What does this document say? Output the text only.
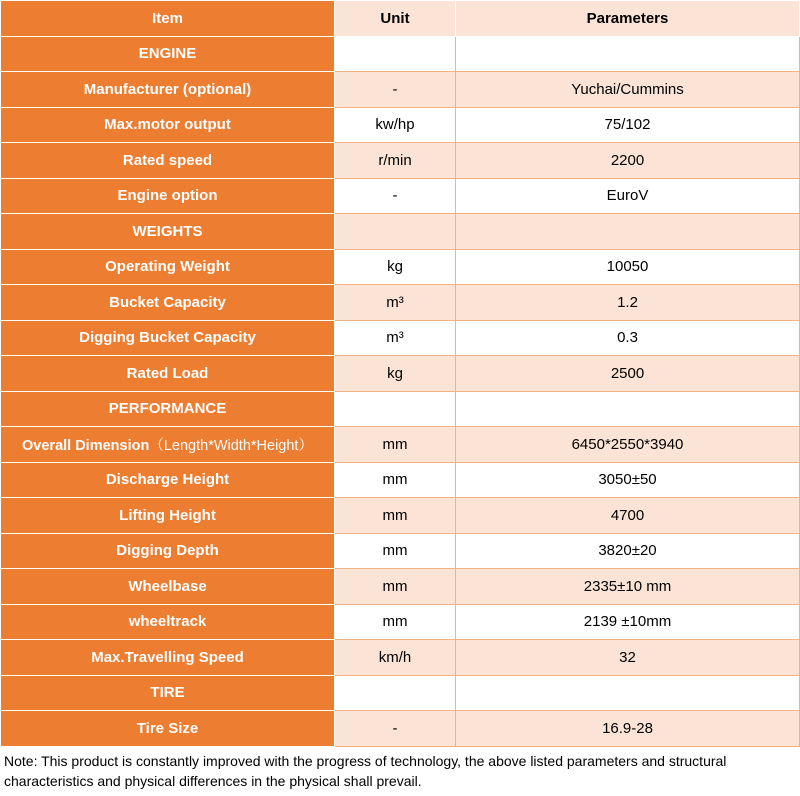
Item	Unit	Parameters
ENGINE		
Manufacturer (optional)	-	Yuchai/Cummins
Max.motor output	kw/hp	75/102
Rated speed	r/min	2200
Engine option	-	EuroV
WEIGHTS		
Operating Weight	kg	10050
Bucket Capacity	m³	1.2
Digging Bucket Capacity	m³	0.3
Rated Load	kg	2500
PERFORMANCE		
Overall Dimension（Length*Width*Height）	mm	6450*2550*3940
Discharge Height	mm	3050±50
Lifting Height	mm	4700
Digging Depth	mm	3820±20
Wheelbase	mm	2335±10 mm
wheeltrack	mm	2139 ±10mm
Max.Travelling Speed	km/h	32
TIRE		
Tire Size	-	16.9-28
Note: This product is constantly improved with the progress of technology, the above listed parameters and structural characteristics and physical differences in the physical shall prevail.
